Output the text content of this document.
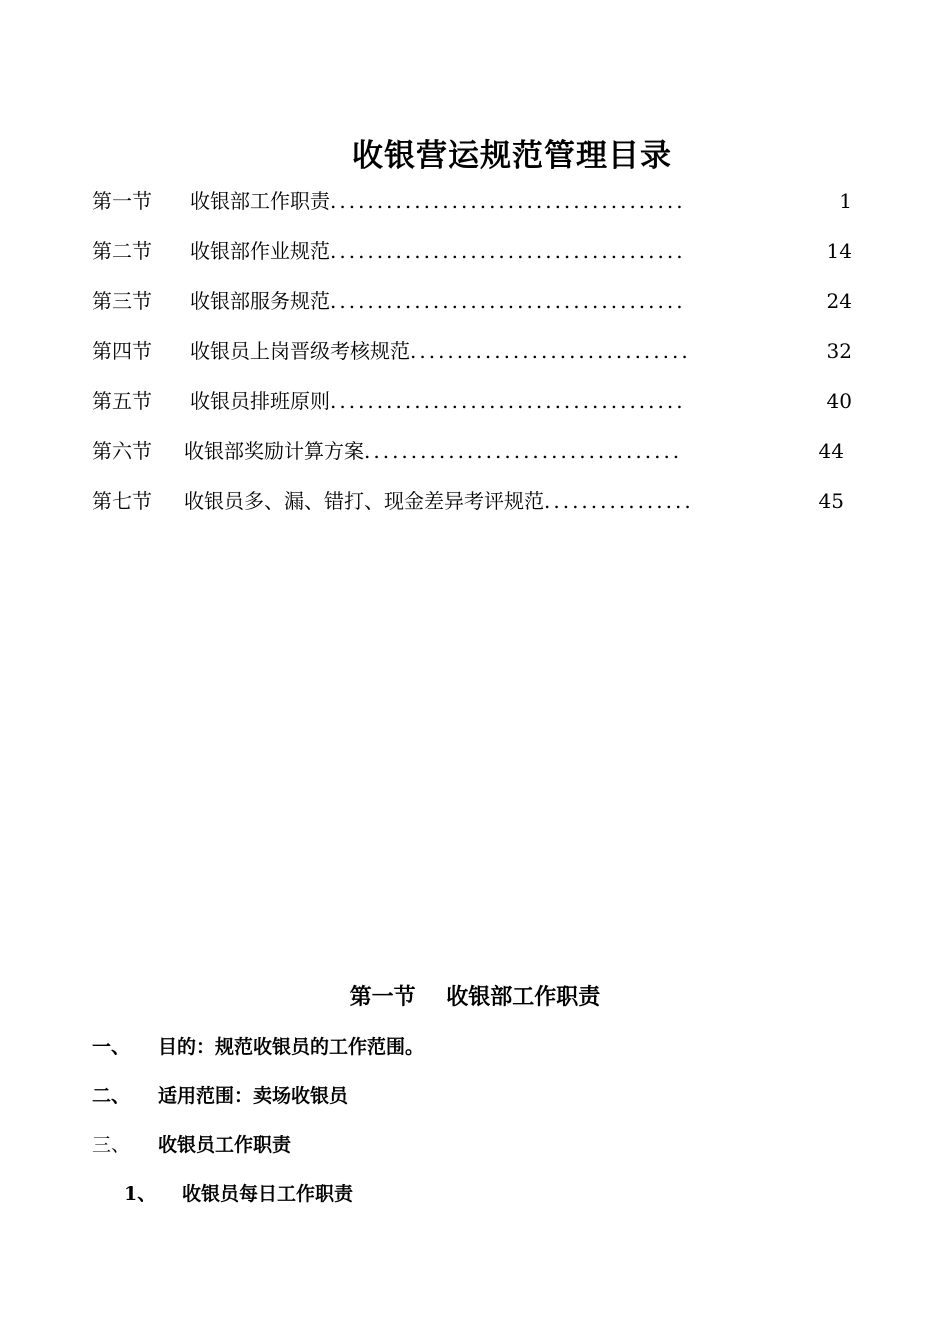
收银营运规范管理目录
第一节 收银部工作职责 ......................................	1
第二节 收银部作业规范 ......................................	14
第三节 收银部服务规范 ......................................	24
第四节 收银员上岗晋级考核规范 ..............................	32
第五节 收银员排班原则 ......................................	40
第六节 收银部奖励计算方案 ..................................	44
第七节 收银员多、漏、错打、现金差异考评规范 ................	45
第一节    收银部工作职责
一、	目的：规范收银员的工作范围。
二、	适用范围：卖场收银员
三、	收银员工作职责
1、	收银员每日工作职责
